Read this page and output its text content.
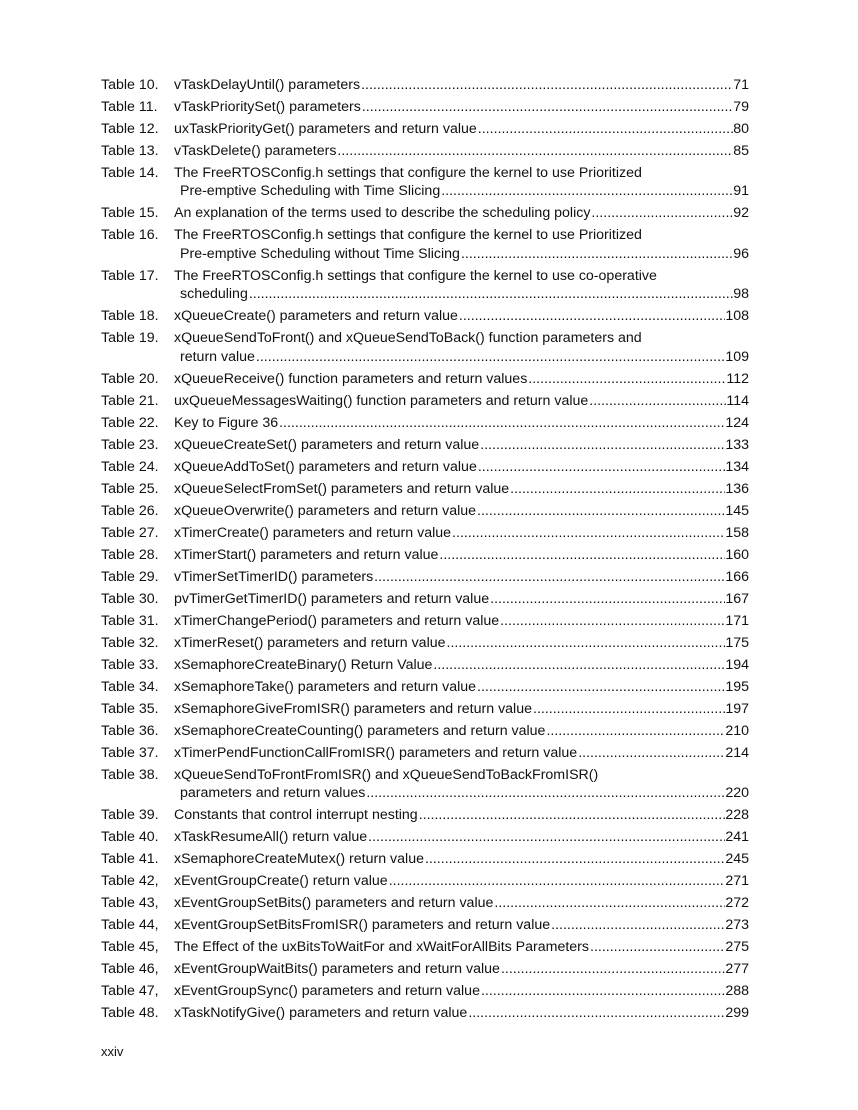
Table 10.	vTaskDelayUntil() parameters .....	71
Table 11.	vTaskPrioritySet() parameters .....	79
Table 12.	uxTaskPriorityGet() parameters and return value .....	80
Table 13.	vTaskDelete() parameters .....	85
Table 14.	The FreeRTOSConfig.h settings that configure the kernel to use Prioritized
Pre-emptive Scheduling with Time Slicing .....	91
Table 15.	An explanation of the terms used to describe the scheduling policy .....	92
Table 16.	The FreeRTOSConfig.h settings that configure the kernel to use Prioritized
Pre-emptive Scheduling without Time Slicing .....	96
Table 17.	The FreeRTOSConfig.h settings that configure the kernel to use co-operative
scheduling .....	98
Table 18.	xQueueCreate() parameters and return value .....	108
Table 19.	xQueueSendToFront() and xQueueSendToBack() function parameters and
return value .....	109
Table 20.	xQueueReceive() function parameters and return values .....	112
Table 21.	uxQueueMessagesWaiting() function parameters and return value .....	114
Table 22.	Key to Figure 36 .....	124
Table 23.	xQueueCreateSet() parameters and return value .....	133
Table 24.	xQueueAddToSet() parameters and return value .....	134
Table 25.	xQueueSelectFromSet() parameters and return value .....	136
Table 26.	xQueueOverwrite() parameters and return value .....	145
Table 27.	xTimerCreate() parameters and return value .....	158
Table 28.	xTimerStart() parameters and return value .....	160
Table 29.	vTimerSetTimerID() parameters .....	166
Table 30.	pvTimerGetTimerID() parameters and return value .....	167
Table 31.	xTimerChangePeriod() parameters and return value .....	171
Table 32.	xTimerReset() parameters and return value .....	175
Table 33.	xSemaphoreCreateBinary() Return Value .....	194
Table 34.	xSemaphoreTake() parameters and return value .....	195
Table 35.	xSemaphoreGiveFromISR() parameters and return value .....	197
Table 36.	xSemaphoreCreateCounting() parameters and return value .....	210
Table 37.	xTimerPendFunctionCallFromISR() parameters and return value .....	214
Table 38.	xQueueSendToFrontFromISR() and xQueueSendToBackFromISR()
parameters and return values .....	220
Table 39.	Constants that control interrupt nesting .....	228
Table 40.	xTaskResumeAll() return value .....	241
Table 41.	xSemaphoreCreateMutex() return value .....	245
Table 42,	xEventGroupCreate() return value .....	271
Table 43,	xEventGroupSetBits() parameters and return value .....	272
Table 44,	xEventGroupSetBitsFromISR() parameters and return value .....	273
Table 45,	The Effect of the uxBitsToWaitFor and xWaitForAllBits Parameters .....	275
Table 46,	xEventGroupWaitBits() parameters and return value .....	277
Table 47,	xEventGroupSync() parameters and return value .....	288
Table 48.	xTaskNotifyGive() parameters and return value .....	299
xxiv
